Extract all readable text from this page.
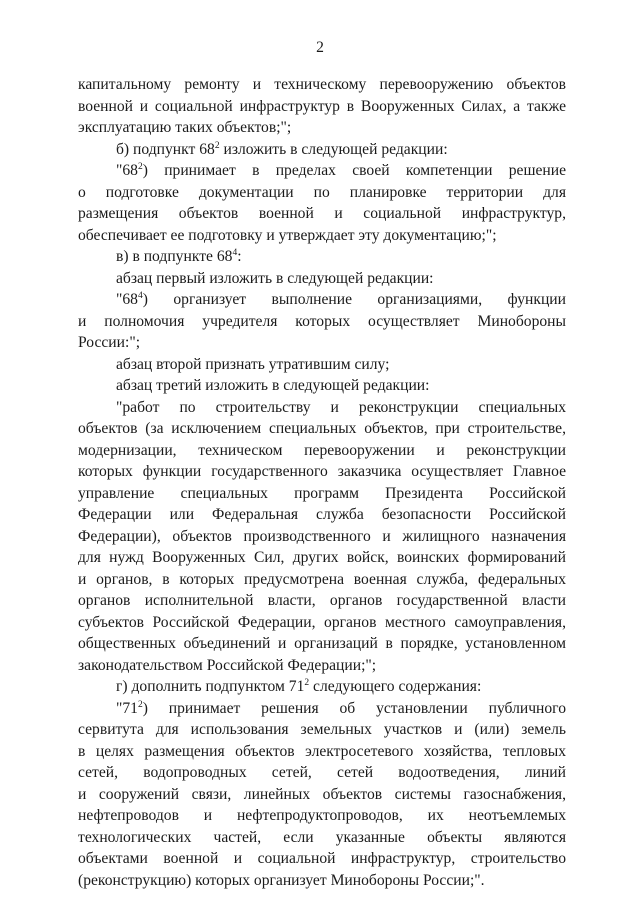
2
капитальному ремонту и техническому перевооружению объектов
военной и социальной инфраструктур в Вооруженных Силах, а также
эксплуатацию таких объектов;";
б) подпункт $68^2$ изложить в следующей редакции:
"$68^2$) принимает в пределах своей компетенции решение
о подготовке документации по планировке территории для
размещения объектов военной и социальной инфраструктур,
обеспечивает ее подготовку и утверждает эту документацию;";
в) в подпункте $68^4$:
абзац первый изложить в следующей редакции:
"$68^4$) организует выполнение организациями, функции
и полномочия учредителя которых осуществляет Минобороны
России:";
абзац второй признать утратившим силу;
абзац третий изложить в следующей редакции:
"работ по строительству и реконструкции специальных
объектов (за исключением специальных объектов, при строительстве,
модернизации, техническом перевооружении и реконструкции
которых функции государственного заказчика осуществляет Главное
управление специальных программ Президента Российской
Федерации или Федеральная служба безопасности Российской
Федерации), объектов производственного и жилищного назначения
для нужд Вооруженных Сил, других войск, воинских формирований
и органов, в которых предусмотрена военная служба, федеральных
органов исполнительной власти, органов государственной власти
субъектов Российской Федерации, органов местного самоуправления,
общественных объединений и организаций в порядке, установленном
законодательством Российской Федерации;";
г) дополнить подпунктом $71^2$ следующего содержания:
"$71^2$) принимает решения об установлении публичного
сервитута для использования земельных участков и (или) земель
в целях размещения объектов электросетевого хозяйства, тепловых
сетей, водопроводных сетей, сетей водоотведения, линий
и сооружений связи, линейных объектов системы газоснабжения,
нефтепроводов и нефтепродуктопроводов, их неотъемлемых
технологических частей, если указанные объекты являются
объектами военной и социальной инфраструктур, строительство
(реконструкцию) которых организует Минобороны России;".
